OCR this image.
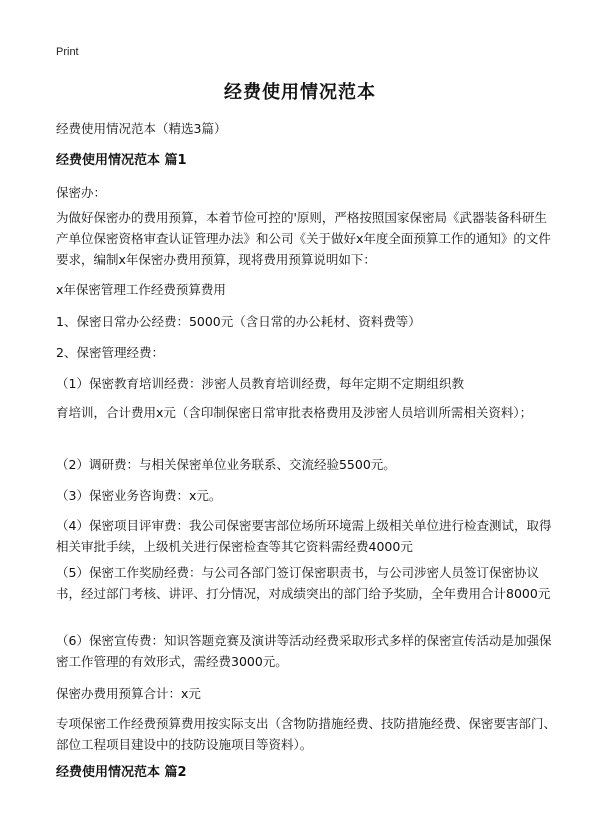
Print
经费使用情况范本

经费使用情况范本（精选3篇）

经费使用情况范本 篇1

保密办：

为做好保密办的费用预算，本着节俭可控的'原则，严格按照国家保密局《武器装备科研生产单位保密资格审查认证管理办法》和公司《关于做好x年度全面预算工作的通知》的文件要求，编制x年保密办费用预算，现将费用预算说明如下：

x年保密管理工作经费预算费用

1、保密日常办公经费：5000元（含日常的办公耗材、资料费等）

2、保密管理经费：

（1）保密教育培训经费：涉密人员教育培训经费，每年定期不定期组织教

育培训，合计费用x元（含印制保密日常审批表格费用及涉密人员培训所需相关资料）；

（2）调研费：与相关保密单位业务联系、交流经验5500元。

（3）保密业务咨询费：x元。

（4）保密项目评审费：我公司保密要害部位场所环境需上级相关单位进行检查测试，取得相关审批手续，上级机关进行保密检查等其它资料需经费4000元

（5）保密工作奖励经费：与公司各部门签订保密职责书，与公司涉密人员签订保密协议书，经过部门考核、讲评、打分情况，对成绩突出的部门给予奖励，全年费用合计8000元

（6）保密宣传费：知识答题竞赛及演讲等活动经费采取形式多样的保密宣传活动是加强保密工作管理的有效形式，需经费3000元。

保密办费用预算合计：x元

专项保密工作经费预算费用按实际支出（含物防措施经费、技防措施经费、保密要害部门、部位工程项目建设中的技防设施项目等资料）。

经费使用情况范本 篇2
